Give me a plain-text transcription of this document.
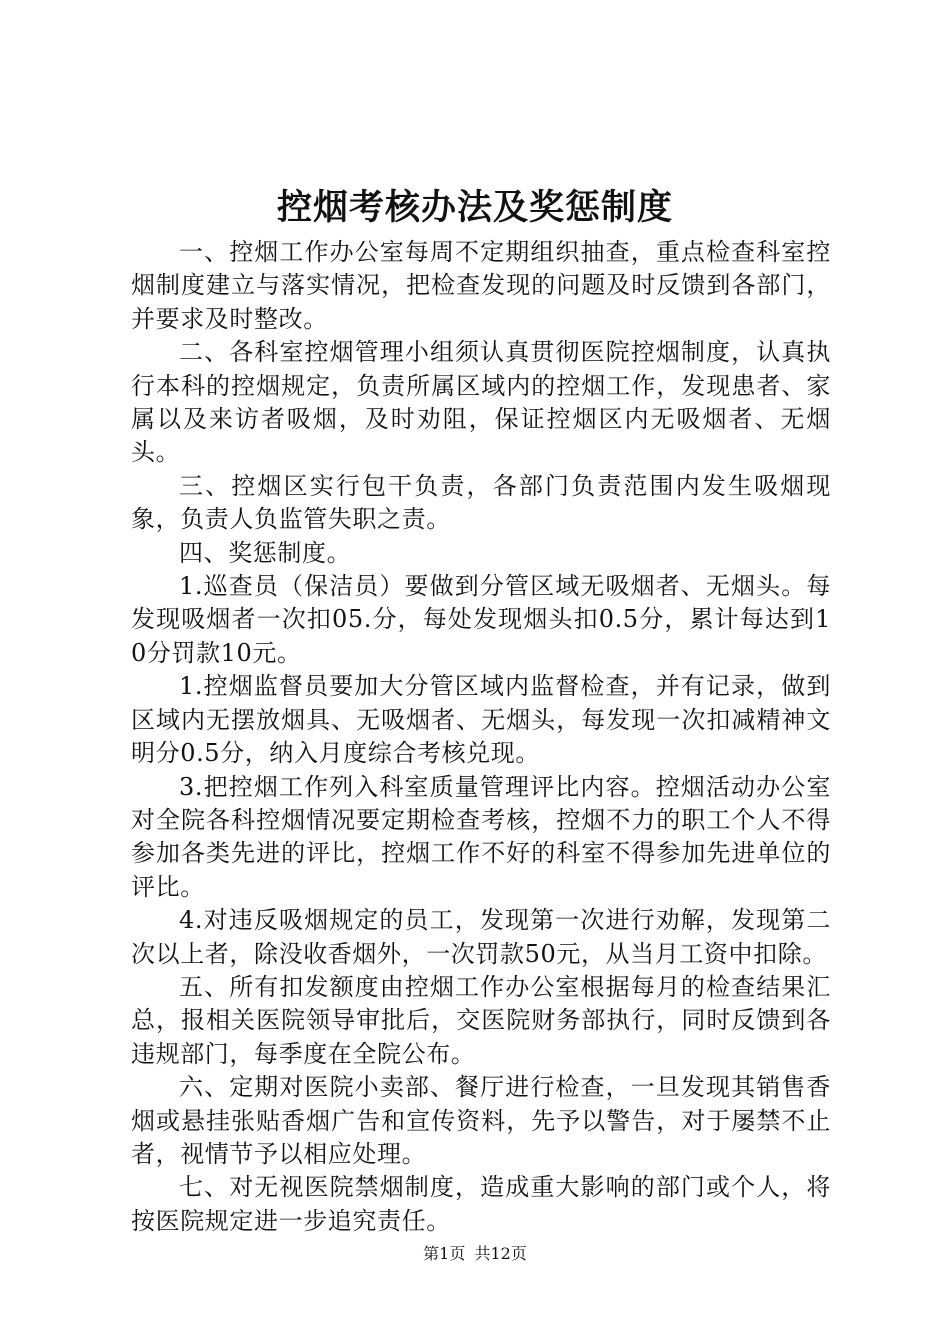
控烟考核办法及奖惩制度

一、控烟工作办公室每周不定期组织抽查，重点检查科室控烟制度建立与落实情况，把检查发现的问题及时反馈到各部门，并要求及时整改。

二、各科室控烟管理小组须认真贯彻医院控烟制度，认真执行本科的控烟规定，负责所属区域内的控烟工作，发现患者、家属以及来访者吸烟，及时劝阻，保证控烟区内无吸烟者、无烟头。

三、控烟区实行包干负责，各部门负责范围内发生吸烟现象，负责人负监管失职之责。

四、奖惩制度。

1.巡查员（保洁员）要做到分管区域无吸烟者、无烟头。每发现吸烟者一次扣05.分，每处发现烟头扣0.5分，累计每达到10分罚款10元。

1.控烟监督员要加大分管区域内监督检查，并有记录，做到区域内无摆放烟具、无吸烟者、无烟头，每发现一次扣减精神文明分0.5分，纳入月度综合考核兑现。

3.把控烟工作列入科室质量管理评比内容。控烟活动办公室对全院各科控烟情况要定期检查考核，控烟不力的职工个人不得参加各类先进的评比，控烟工作不好的科室不得参加先进单位的评比。

4.对违反吸烟规定的员工，发现第一次进行劝解，发现第二次以上者，除没收香烟外，一次罚款50元，从当月工资中扣除。

五、所有扣发额度由控烟工作办公室根据每月的检查结果汇总，报相关医院领导审批后，交医院财务部执行，同时反馈到各违规部门，每季度在全院公布。

六、定期对医院小卖部、餐厅进行检查，一旦发现其销售香烟或悬挂张贴香烟广告和宣传资料，先予以警告，对于屡禁不止者，视情节予以相应处理。

七、对无视医院禁烟制度，造成重大影响的部门或个人，将按医院规定进一步追究责任。

第1页 共12页
